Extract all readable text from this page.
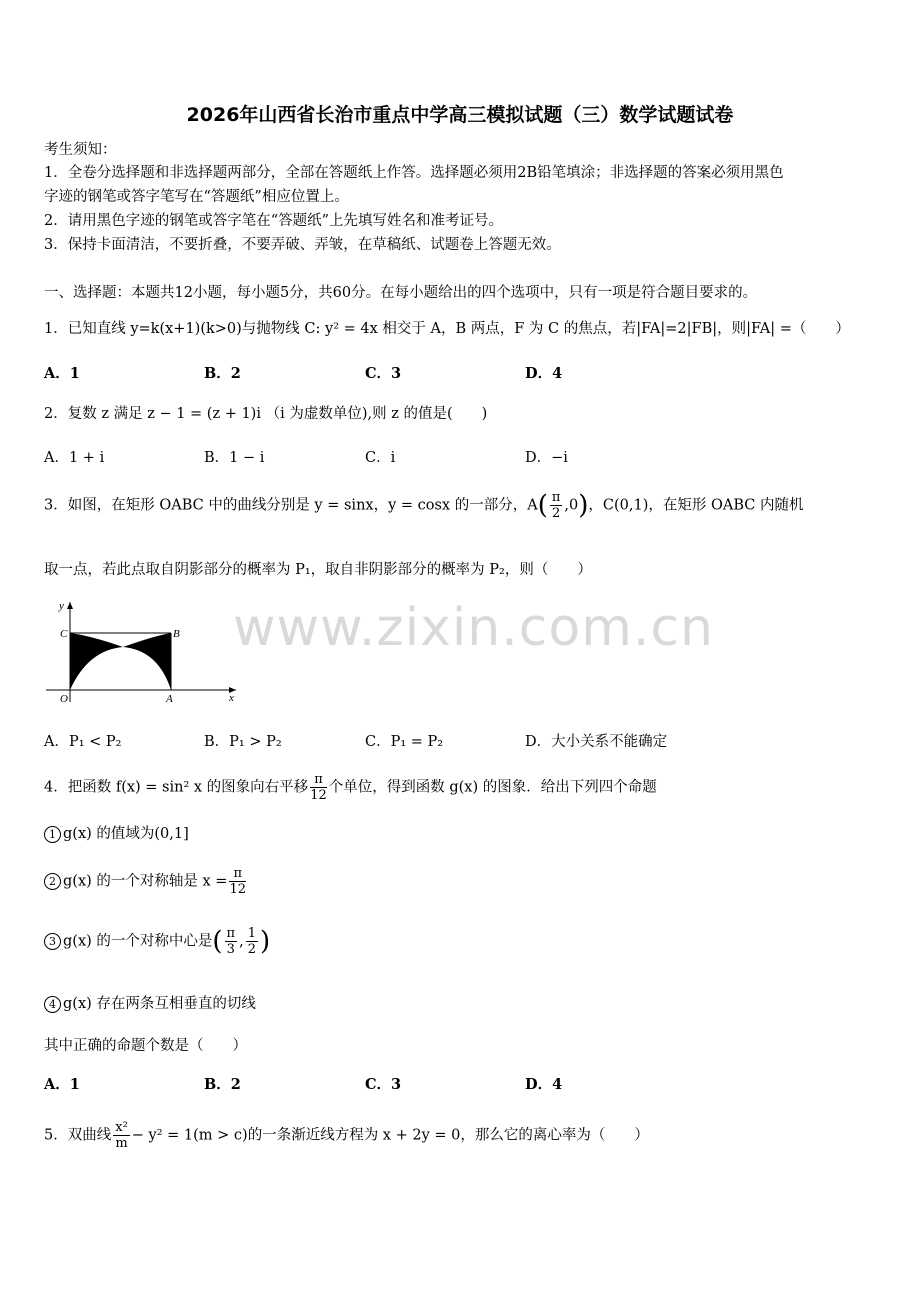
2026年山西省长治市重点中学高三模拟试题（三）数学试题试卷
考生须知：
1．全卷分选择题和非选择题两部分，全部在答题纸上作答。选择题必须用2B铅笔填涂；非选择题的答案必须用黑色
字迹的钢笔或答字笔写在“答题纸”相应位置上。
2．请用黑色字迹的钢笔或答字笔在“答题纸”上先填写姓名和准考证号。
3．保持卡面清洁，不要折叠，不要弄破、弄皱，在草稿纸、试题卷上答题无效。
一、选择题：本题共12小题，每小题5分，共60分。在每小题给出的四个选项中，只有一项是符合题目要求的。
1．已知直线 y=k(x+1)(k>0)与抛物线 C: y² = 4x 相交于 A，B 两点，F 为 C 的焦点，若|FA|=2|FB|，则|FA| =（　　）
A．1	B．2	C．3	D．4
2．复数 z 满足 z − 1 = (z + 1)i （i 为虚数单位),则 z 的值是(　　)
A．1 + i	B．1 − i	C．i	D．−i
3．如图，在矩形 OABC 中的曲线分别是 y = sinx，y = cosx 的一部分，$A( \frac{\pi}{2} ,0)$，C(0,1)，在矩形 OABC 内随机
取一点，若此点取自阴影部分的概率为 P₁，取自非阴影部分的概率为 P₂，则（　　）
y
x
O	A
B
C	www.zixin.com.cn
A．P₁ < P₂	B．P₁ > P₂	C．P₁ = P₂	D．大小关系不能确定
4．把函数 f(x) = sin² x 的图象向右平移 $\frac{\pi}{12}$ 个单位，得到函数 g(x) 的图象．给出下列四个命题
1 g(x) 的值域为(0,1]
2 g(x) 的一个对称轴是 $x = \frac{\pi}{12}$
3 g(x) 的一个对称中心是( $\frac{\pi}{3}$ , $\frac{1}{2}$ )
4 g(x) 存在两条互相垂直的切线
其中正确的命题个数是（　　）
A．1	B．2	C．3	D．4
5．双曲线 $\frac{\text{x²}}{m} - y^2 = 1(m > c)$的一条渐近线方程为 x + 2y = 0，那么它的离心率为（　　）
